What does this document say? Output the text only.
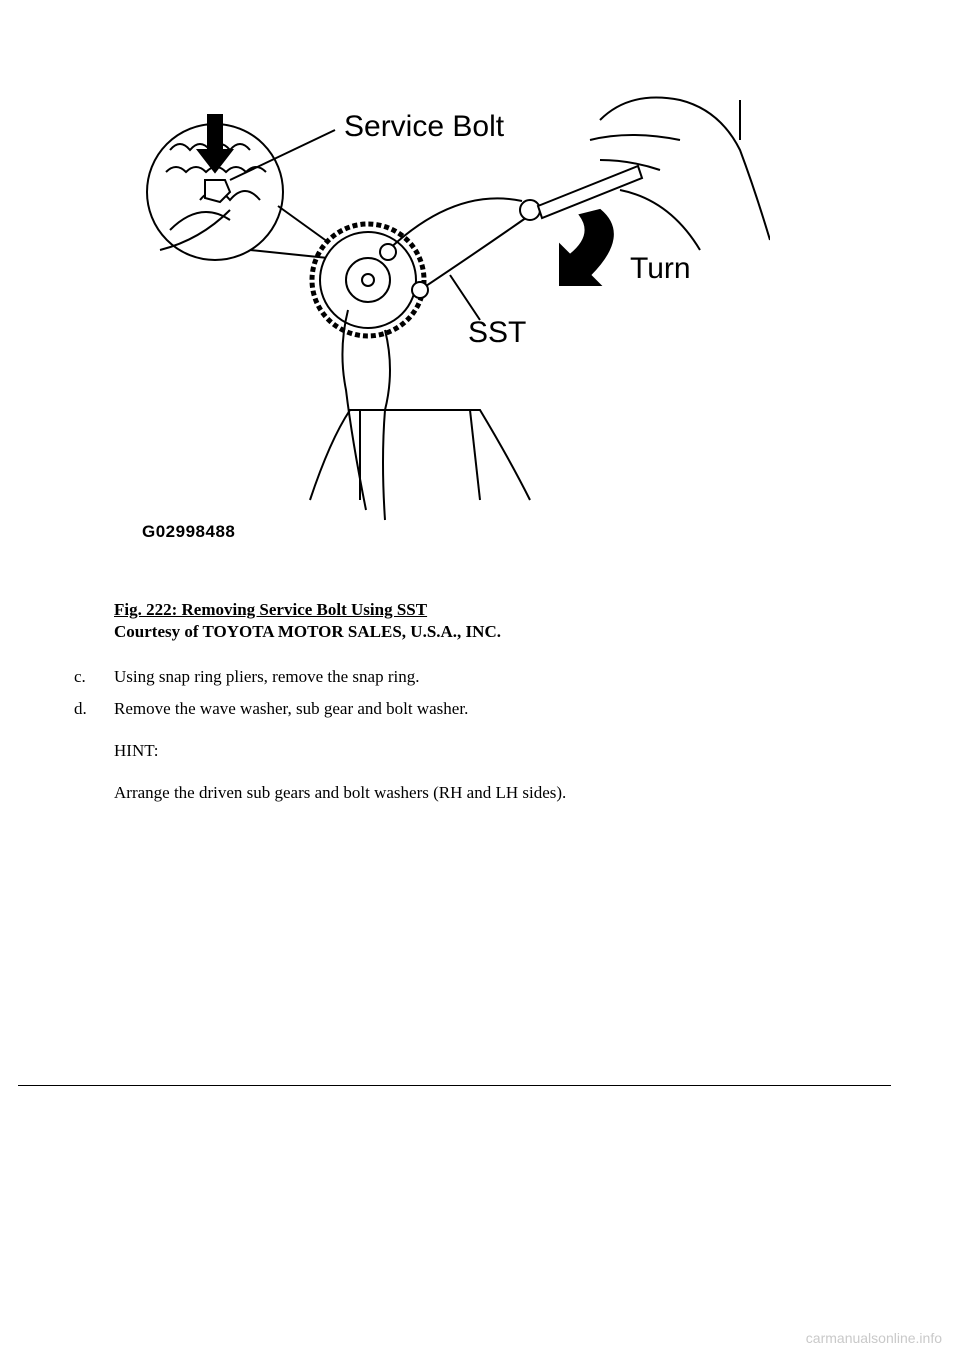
Service Bolt
Turn
SST
G02998488
Fig. 222: Removing Service Bolt Using SST
Courtesy of TOYOTA MOTOR SALES, U.S.A., INC.
c.	Using snap ring pliers, remove the snap ring.
d.	Remove the wave washer, sub gear and bolt washer.
HINT:
Arrange the driven sub gears and bolt washers (RH and LH sides).
carmanualsonline.info
